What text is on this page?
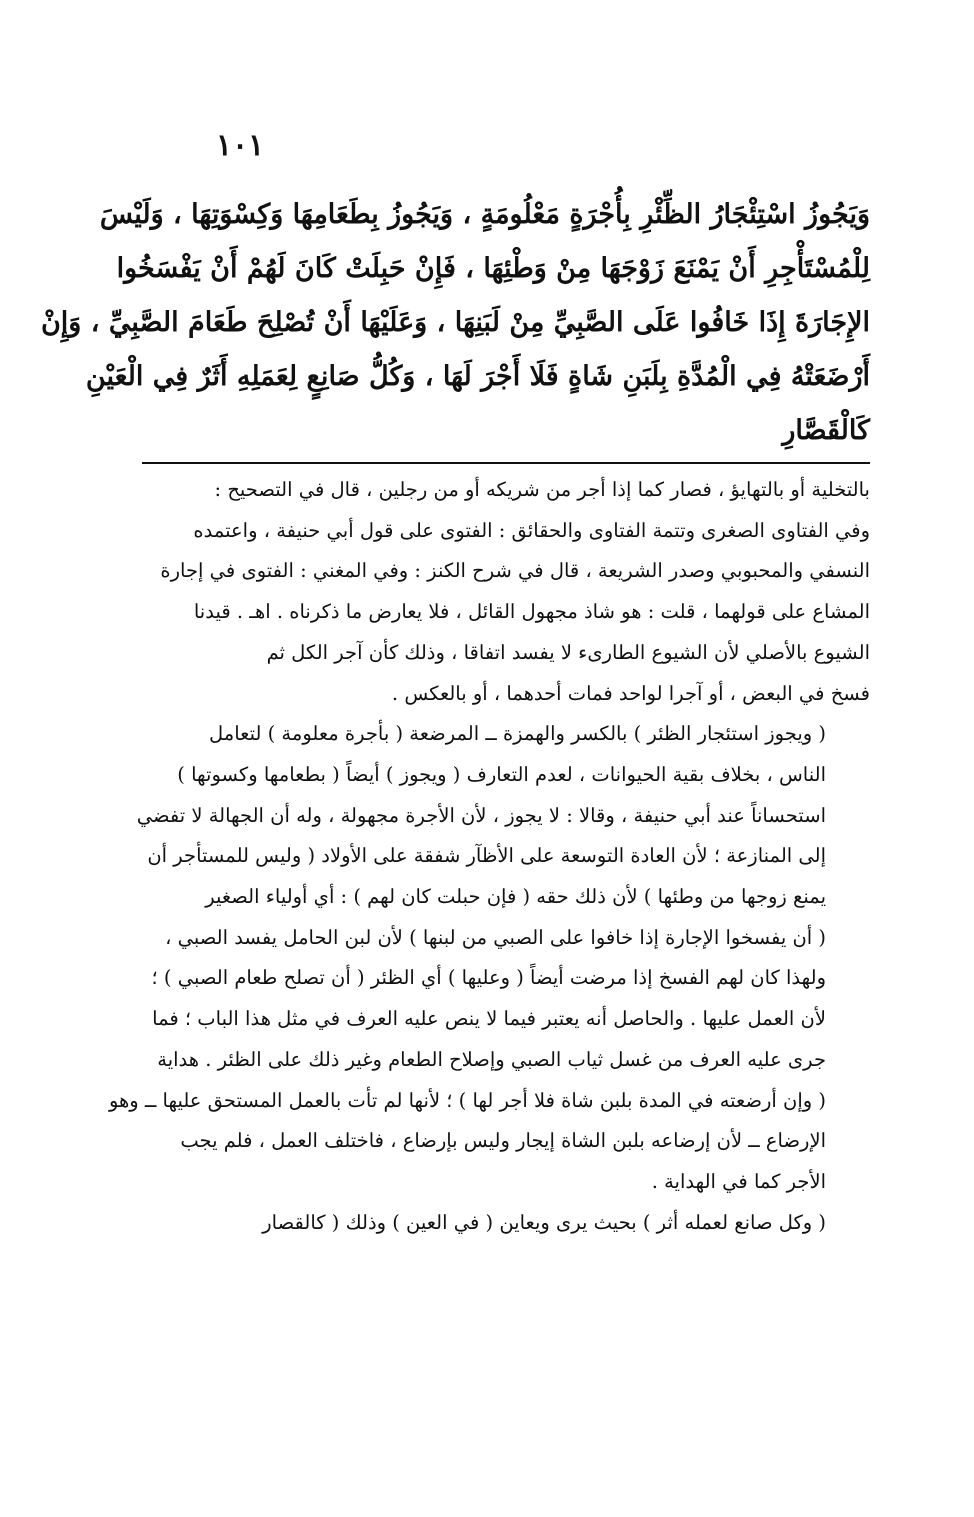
١٠١
وَيَجُوزُ اسْتِئْجَارُ الظِّئْرِ بِأُجْرَةٍ مَعْلُومَةٍ ، وَيَجُوزُ بِطَعَامِهَا وَكِسْوَتِهَا ، وَلَيْسَ
لِلْمُسْتَأْجِرِ أَنْ يَمْنَعَ زَوْجَهَا مِنْ وَطْئِهَا ، فَإِنْ حَبِلَتْ كَانَ لَهُمْ أَنْ يَفْسَخُوا
الإِجَارَةَ إِذَا خَافُوا عَلَى الصَّبِيِّ مِنْ لَبَنِهَا ، وَعَلَيْهَا أَنْ تُصْلِحَ طَعَامَ الصَّبِيِّ ، وَإِنْ
أَرْضَعَتْهُ فِي الْمُدَّةِ بِلَبَنِ شَاةٍ فَلَا أَجْرَ لَهَا ، وَكُلُّ صَانِعٍ لِعَمَلِهِ أَثَرٌ فِي الْعَيْنِ
كَالْقَصَّارِ

بالتخلية أو بالتهايؤ ، فصار كما إذا أجر من شريكه أو من رجلين ، قال في التصحيح :
وفي الفتاوى الصغرى وتتمة الفتاوى والحقائق : الفتوى على قول أبي حنيفة ، واعتمده
النسفي والمحبوبي وصدر الشريعة ، قال في شرح الكنز : وفي المغني : الفتوى في إجارة
المشاع على قولهما ، قلت : هو شاذ مجهول القائل ، فلا يعارض ما ذكرناه . اهـ . قيدنا
الشيوع بالأصلي لأن الشيوع الطارىء لا يفسد اتفاقا ، وذلك كأن آجر الكل ثم
فسخ في البعض ، أو آجرا لواحد فمات أحدهما ، أو بالعكس .

( ويجوز استئجار الظئر ) بالكسر والهمزة ــ المرضعة ( بأجرة معلومة ) لتعامل
الناس ، بخلاف بقية الحيوانات ، لعدم التعارف ( ويجوز ) أيضاً ( بطعامها وكسوتها )
استحساناً عند أبي حنيفة ، وقالا : لا يجوز ، لأن الأجرة مجهولة ، وله أن الجهالة لا تفضي
إلى المنازعة ؛ لأن العادة التوسعة على الأظآر شفقة على الأولاد ( وليس للمستأجر أن
يمنع زوجها من وطئها ) لأن ذلك حقه ( فإن حبلت كان لهم ) : أي أولياء الصغير
( أن يفسخوا الإجارة إذا خافوا على الصبي من لبنها ) لأن لبن الحامل يفسد الصبي ،
ولهذا كان لهم الفسخ إذا مرضت أيضاً ( وعليها ) أي الظئر ( أن تصلح طعام الصبي ) ؛
لأن العمل عليها . والحاصل أنه يعتبر فيما لا ينص عليه العرف في مثل هذا الباب ؛ فما
جرى عليه العرف من غسل ثياب الصبي وإصلاح الطعام وغير ذلك على الظئر . هداية
( وإن أرضعته في المدة بلبن شاة فلا أجر لها ) ؛ لأنها لم تأت بالعمل المستحق عليها ــ وهو
الإرضاع ــ لأن إرضاعه بلبن الشاة إيجار وليس بإرضاع ، فاختلف العمل ، فلم يجب
الأجر كما في الهداية .

( وكل صانع لعمله أثر ) بحيث يرى ويعاين ( في العين ) وذلك ( كالقصار
